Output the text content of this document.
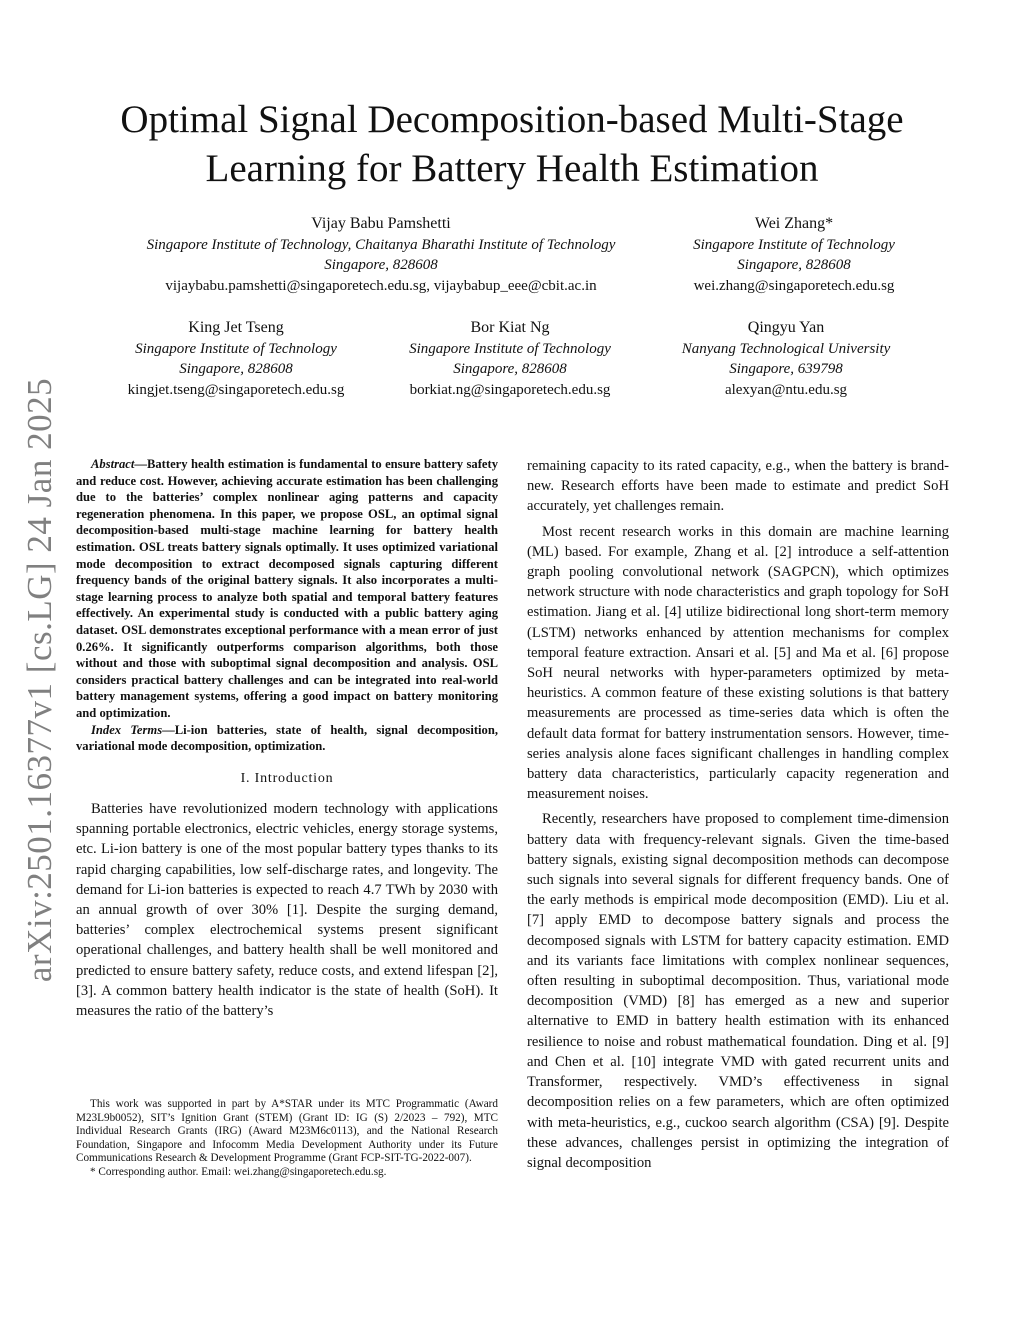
arXiv:2501.16377v1 [cs.LG] 24 Jan 2025
Optimal Signal Decomposition-based Multi-Stage
Learning for Battery Health Estimation
Vijay Babu Pamshetti
Singapore Institute of Technology, Chaitanya Bharathi Institute of Technology
Singapore, 828608
vijaybabu.pamshetti@singaporetech.edu.sg, vijaybabup_eee@cbit.ac.in
Wei Zhang*
Singapore Institute of Technology
Singapore, 828608
wei.zhang@singaporetech.edu.sg
King Jet Tseng
Singapore Institute of Technology
Singapore, 828608
kingjet.tseng@singaporetech.edu.sg
Bor Kiat Ng
Singapore Institute of Technology
Singapore, 828608
borkiat.ng@singaporetech.edu.sg
Qingyu Yan
Nanyang Technological University
Singapore, 639798
alexyan@ntu.edu.sg

Abstract—Battery health estimation is fundamental to ensure battery safety and reduce cost. However, achieving accurate estimation has been challenging due to the batteries’ complex nonlinear aging patterns and capacity regeneration phenomena. In this paper, we propose OSL, an optimal signal decomposition-based multi-stage machine learning for battery health estimation. OSL treats battery signals optimally. It uses optimized variational mode decomposition to extract decomposed signals capturing different frequency bands of the original battery signals. It also incorporates a multi-stage learning process to analyze both spatial and temporal battery features effectively. An experimental study is conducted with a public battery aging dataset. OSL demonstrates exceptional performance with a mean error of just 0.26%. It significantly outperforms comparison algorithms, both those without and those with suboptimal signal decomposition and analysis. OSL considers practical battery challenges and can be integrated into real-world battery management systems, offering a good impact on battery monitoring and optimization.

Index Terms—Li-ion batteries, state of health, signal decomposition, variational mode decomposition, optimization.

I. Introduction

Batteries have revolutionized modern technology with applications spanning portable electronics, electric vehicles, energy storage systems, etc. Li-ion battery is one of the most popular battery types thanks to its rapid charging capabilities, low self-discharge rates, and longevity. The demand for Li-ion batteries is expected to reach 4.7 TWh by 2030 with an annual growth of over 30% [1]. Despite the surging demand, batteries’ complex electrochemical systems present significant operational challenges, and battery health shall be well monitored and predicted to ensure battery safety, reduce costs, and extend lifespan [2], [3]. A common battery health indicator is the state of health (SoH). It measures the ratio of the battery’s

This work was supported in part by A*STAR under its MTC Programmatic (Award M23L9b0052), SIT’s Ignition Grant (STEM) (Grant ID: IG (S) 2/2023 – 792), MTC Individual Research Grants (IRG) (Award M23M6c0113), and the National Research Foundation, Singapore and Infocomm Media Development Authority under its Future Communications Research & Development Programme (Grant FCP-SIT-TG-2022-007).

* Corresponding author. Email: wei.zhang@singaporetech.edu.sg.

remaining capacity to its rated capacity, e.g., when the battery is brand-new. Research efforts have been made to estimate and predict SoH accurately, yet challenges remain.

Most recent research works in this domain are machine learning (ML) based. For example, Zhang et al. [2] introduce a self-attention graph pooling convolutional network (SAGPCN), which optimizes network structure with node characteristics and graph topology for SoH estimation. Jiang et al. [4] utilize bidirectional long short-term memory (LSTM) networks enhanced by attention mechanisms for complex temporal feature extraction. Ansari et al. [5] and Ma et al. [6] propose SoH neural networks with hyper-parameters optimized by meta-heuristics. A common feature of these existing solutions is that battery measurements are processed as time-series data which is often the default data format for battery instrumentation sensors. However, time-series analysis alone faces significant challenges in handling complex battery data characteristics, particularly capacity regeneration and measurement noises.

Recently, researchers have proposed to complement time-dimension battery data with frequency-relevant signals. Given the time-based battery signals, existing signal decomposition methods can decompose such signals into several signals for different frequency bands. One of the early methods is empirical mode decomposition (EMD). Liu et al. [7] apply EMD to decompose battery signals and process the decomposed signals with LSTM for battery capacity estimation. EMD and its variants face limitations with complex nonlinear sequences, often resulting in suboptimal decomposition. Thus, variational mode decomposition (VMD) [8] has emerged as a new and superior alternative to EMD in battery health estimation with its enhanced resilience to noise and robust mathematical foundation. Ding et al. [9] and Chen et al. [10] integrate VMD with gated recurrent units and Transformer, respectively. VMD’s effectiveness in signal decomposition relies on a few parameters, which are often optimized with meta-heuristics, e.g., cuckoo search algorithm (CSA) [9]. Despite these advances, challenges persist in optimizing the integration of signal decomposition
